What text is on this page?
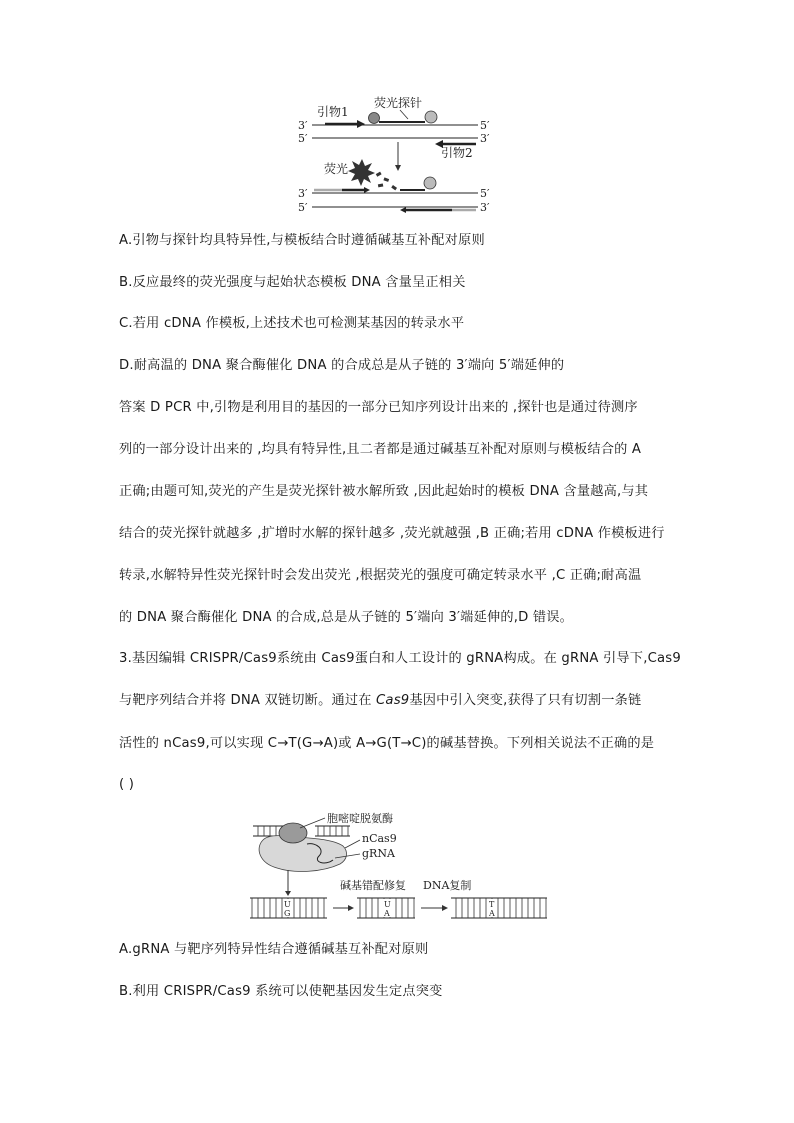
荧光探针
引物1
3′	5′
5′	3′
引物2
荧光
3′	5′
5′	3′
A.引物与探针均具特异性,与模板结合时遵循碱基互补配对原则
B.反应最终的荧光强度与起始状态模板 DNA 含量呈正相关
C.若用 cDNA 作模板,上述技术也可检测某基因的转录水平
D.耐高温的 DNA 聚合酶催化 DNA 的合成总是从子链的 3′端向 5′端延伸的
答案 D PCR 中,引物是利用目的基因的一部分已知序列设计出来的 ,探针也是通过待测序
列的一部分设计出来的 ,均具有特异性,且二者都是通过碱基互补配对原则与模板结合的 A
正确;由题可知,荧光的产生是荧光探针被水解所致 ,因此起始时的模板 DNA 含量越高,与其
结合的荧光探针就越多 ,扩增时水解的探针越多 ,荧光就越强 ,B 正确;若用 cDNA 作模板进行
转录,水解特异性荧光探针时会发出荧光 ,根据荧光的强度可确定转录水平 ,C 正确;耐高温
的 DNA 聚合酶催化 DNA 的合成,总是从子链的 5′端向 3′端延伸的,D 错误。
3.基因编辑 CRISPR/Cas9系统由 Cas9蛋白和人工设计的 gRNA构成。在 gRNA 引导下,Cas9
与靶序列结合并将 DNA 双链切断。通过在 Cas9基因中引入突变,获得了只有切割一条链
活性的 nCas9,可以实现 C→T(G→A)或 A→G(T→C)的碱基替换。下列相关说法不正确的是
( )
胞嘧啶脱氨酶
nCas9
gRNA
碱基错配修复 DNA复制
U
G
U
A
T
A
A.gRNA 与靶序列特异性结合遵循碱基互补配对原则
B.利用 CRISPR/Cas9 系统可以使靶基因发生定点突变
